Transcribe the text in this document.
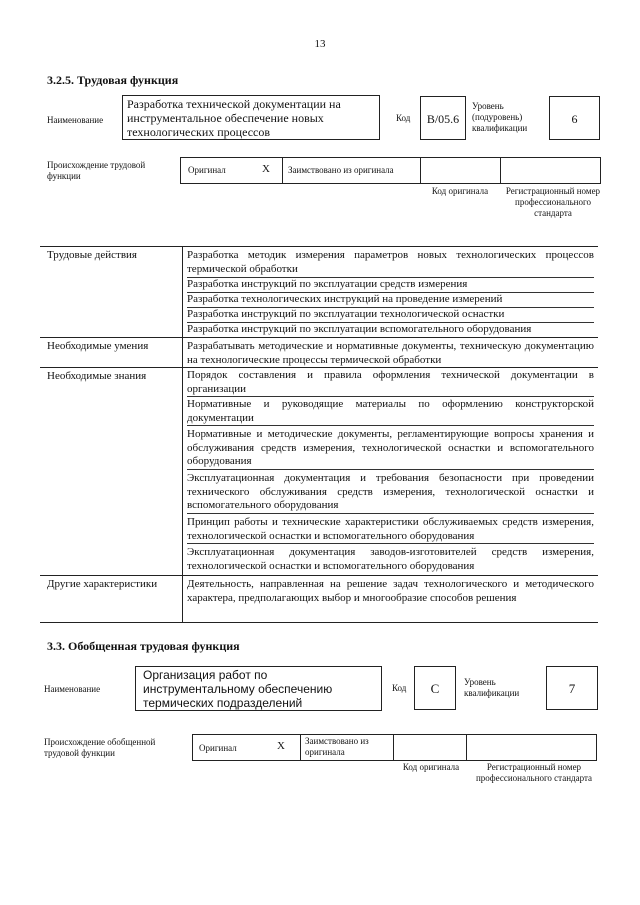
13
3.2.5. Трудовая функция
Наименование
Разработка технической документации на инструментальное обеспечение новых технологических процессов
Код	B/05.6
Уровень (подуровень) квалификации
6
Происхождение трудовой функции
Оригинал	X Заимствовано из оригинала
Код оригинала	Регистрационный номер профессионального стандарта
Трудовые действия	Разработка методик измерения параметров новых технологических процессов термической обработки
Разработка инструкций по эксплуатации средств измерения
Разработка технологических инструкций на проведение измерений
Разработка инструкций по эксплуатации технологической оснастки
Разработка инструкций по эксплуатации вспомогательного оборудования
Необходимые умения	Разрабатывать методические и нормативные документы, техническую документацию на технологические процессы термической обработки
Необходимые знания	Порядок составления и правила оформления технической документации в организации
Нормативные и руководящие материалы по оформлению конструкторской документации
Нормативные и методические документы, регламентирующие вопросы хранения и обслуживания средств измерения, технологической оснастки и вспомогательного оборудования
Эксплуатационная документация и требования безопасности при проведении технического обслуживания средств измерения, технологической оснастки и вспомогательного оборудования
Принцип работы и технические характеристики обслуживаемых средств измерения, технологической оснастки и вспомогательного оборудования
Эксплуатационная документация заводов-изготовителей средств измерения, технологической оснастки и вспомогательного оборудования
Другие характеристики	Деятельность, направленная на решение задач технологического и методического характера, предполагающих выбор и многообразие способов решения
3.3. Обобщенная трудовая функция
Наименование
Организация работ по инструментальному обеспечению термических подразделений
Код	C	Уровень квалификации	7
Происхождение обобщенной трудовой функции	Оригинал	X Заимствовано из оригинала
Код оригинала	Регистрационный номер профессионального стандарта
